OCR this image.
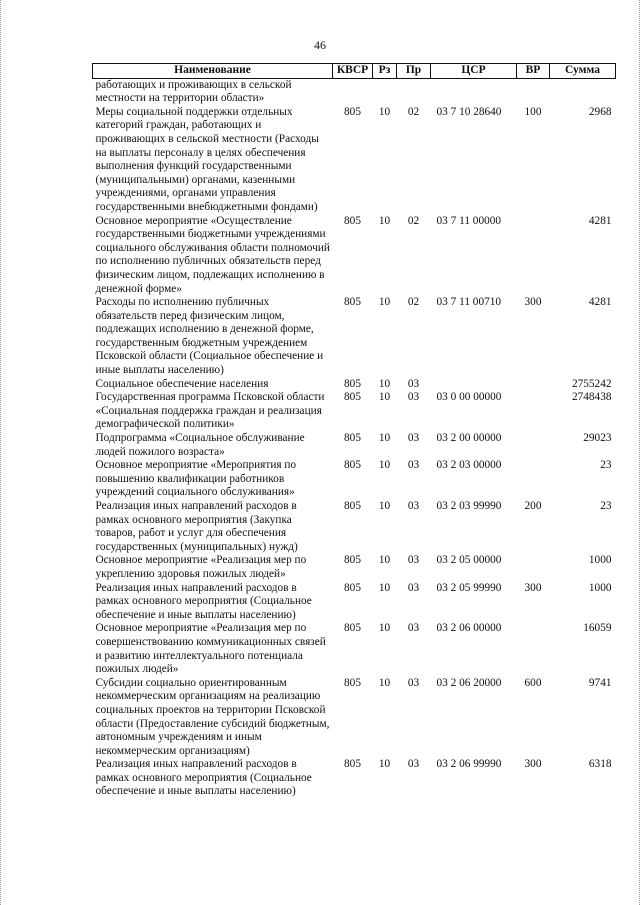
46
Наименование	КВСР	Рз	Пр	ЦСР	ВР	Сумма
работающих и проживающих в сельской местности на территории области»						
Меры социальной поддержки отдельных категорий граждан, работающих и проживающих в сельской местности (Расходы на выплаты персоналу в целях обеспечения выполнения функций государственными (муниципальными) органами, казенными учреждениями, органами управления государственными внебюджетными фондами)	805	10	02	03 7 10 28640	100	2968
Основное мероприятие «Осуществление государственными бюджетными учреждениями социального обслуживания области полномочий по исполнению публичных обязательств перед физическим лицом, подлежащих исполнению в денежной форме»	805	10	02	03 7 11 00000		4281
Расходы по исполнению публичных обязательств перед физическим лицом, подлежащих исполнению в денежной форме, государственным бюджетным учреждением Псковской области (Социальное обеспечение и иные выплаты населению)	805	10	02	03 7 11 00710	300	4281
Социальное обеспечение населения	805	10	03			2755242
Государственная программа Псковской области «Социальная поддержка граждан и реализация демографической политики»	805	10	03	03 0 00 00000		2748438
Подпрограмма «Социальное обслуживание людей пожилого возраста»	805	10	03	03 2 00 00000		29023
Основное мероприятие «Мероприятия по повышению квалификации работников учреждений социального обслуживания»	805	10	03	03 2 03 00000		23
Реализация иных направлений расходов в рамках основного мероприятия (Закупка товаров, работ и услуг для обеспечения государственных (муниципальных) нужд)	805	10	03	03 2 03 99990	200	23
Основное мероприятие «Реализация мер по укреплению здоровья пожилых людей»	805	10	03	03 2 05 00000		1000
Реализация иных направлений расходов в рамках основного мероприятия (Социальное обеспечение и иные выплаты населению)	805	10	03	03 2 05 99990	300	1000
Основное мероприятие «Реализация мер по совершенствованию коммуникационных связей и развитию интеллектуального потенциала пожилых людей»	805	10	03	03 2 06 00000		16059
Субсидии социально ориентированным некоммерческим организациям на реализацию социальных проектов на территории Псковской области (Предоставление субсидий бюджетным, автономным учреждениям и иным некоммерческим организациям)	805	10	03	03 2 06 20000	600	9741
Реализация иных направлений расходов в рамках основного мероприятия (Социальное обеспечение и иные выплаты населению)	805	10	03	03 2 06 99990	300	6318
